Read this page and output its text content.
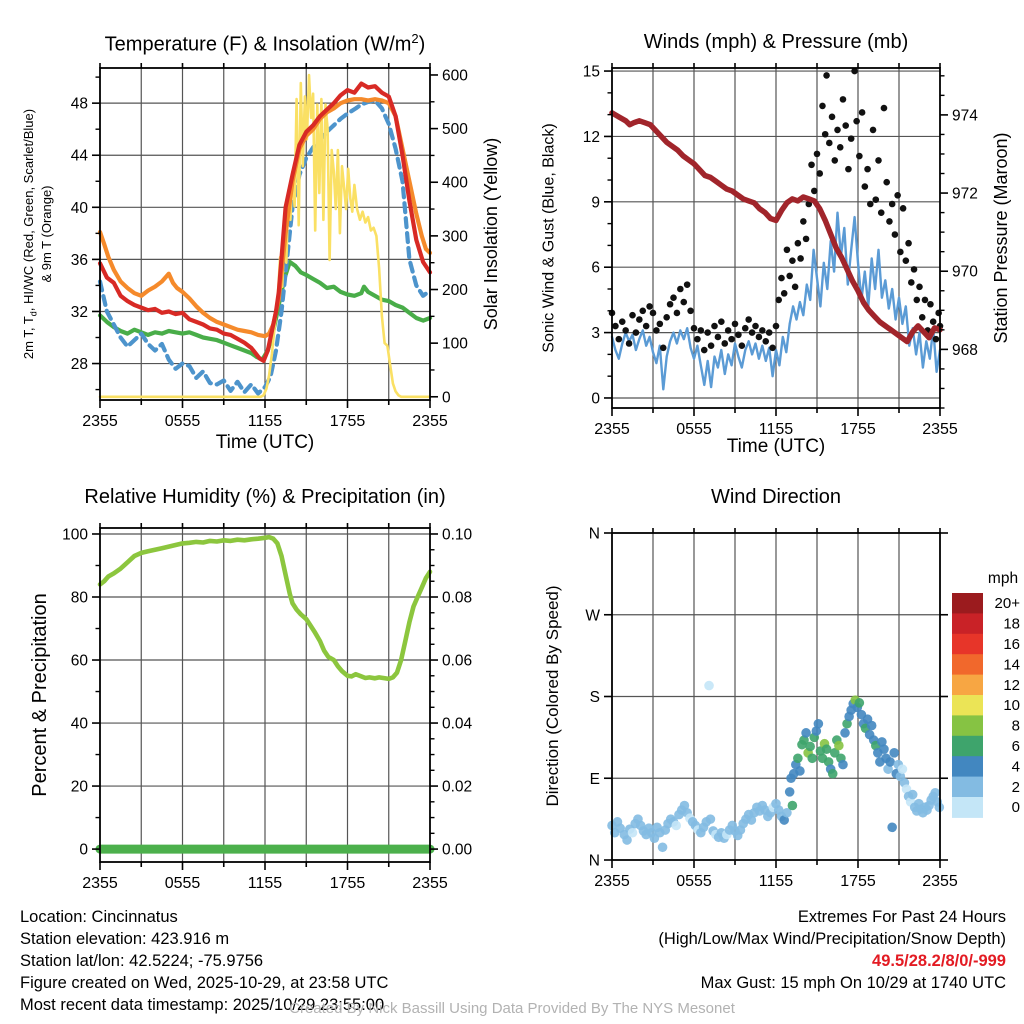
2355	0555	1155	1755	2355
28
32
36
40
44
48
0
100
200
300
400
500
600
2355	0555	1155	1755	2355
0
3
6
9
12
15
968
970
972
974
2355	0555	1155	1755	2355
0
20
40
60
80
100
0.00
0.02
0.04
0.06
0.08
0.10
2355	0555	1155	1755	2355
N
E
S
W
N
20+
18
16
14
12
10
8
6
4
2
0
Temperature (F) & Insolation $(W/m^2)$	Winds (mph) & Pressure (mb)
Relative Humidity (%) & Precipitation (in)	Wind Direction
Time (UTC)	Time (UTC)
2m T, $T_d$, HI/WC (Red, Green, Scarlet/Blue) & 9m T (Orange)	Solar Insolation (Yellow) Sonic Wind & Gust (Blue, Black)	Station Pressure (Maroon)
Percent & Precipitation	Direction (Colored By Speed)
mph
Location: Cincinnatus
Station elevation: 423.916 m
Station lat/lon: 42.5224; -75.9756
Figure created on Wed, 2025-10-29, at 23:58 UTC
Most recent data timestamp: 2025/10/29 23:55:00
Extremes For Past 24 Hours
(High/Low/Max Wind/Precipitation/Snow Depth)
49.5/28.2/8/0/-999
Max Gust: 15 mph On 10/29 at 1740 UTC
Created By Nick Bassill Using Data Provided By The NYS Mesonet
